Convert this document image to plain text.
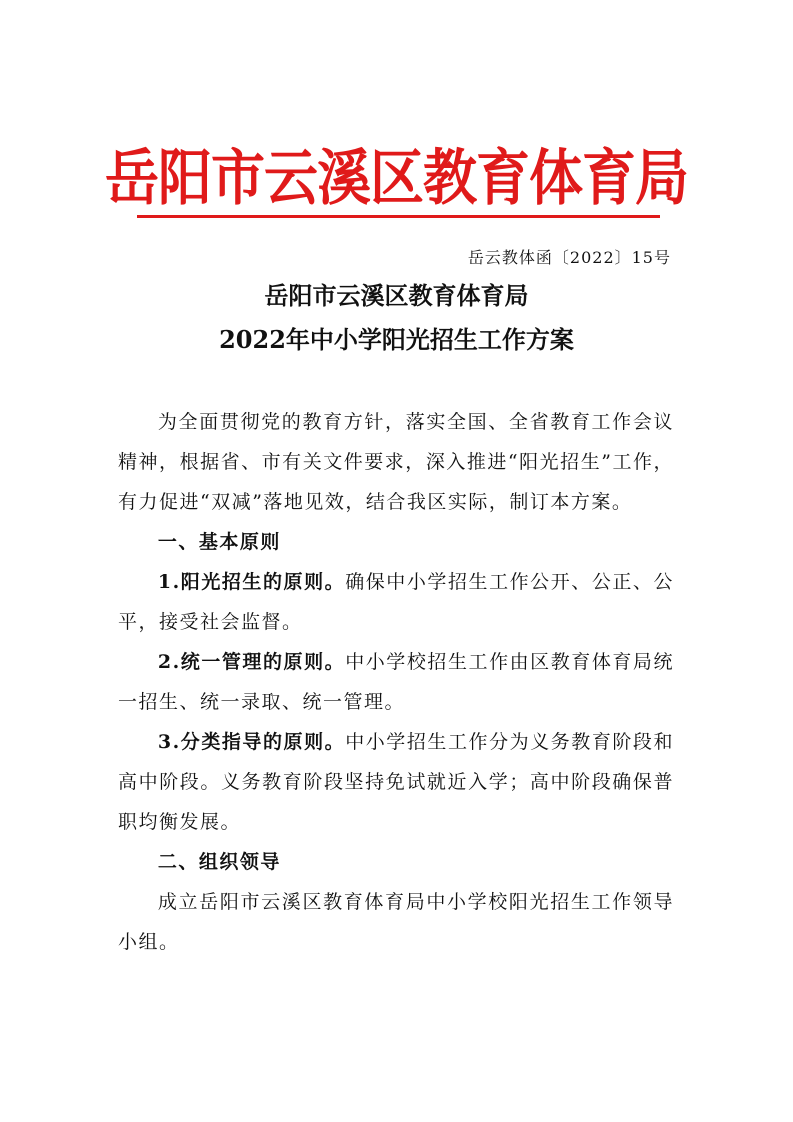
岳阳市云溪区教育体育局
岳云教体函〔2022〕15号
岳阳市云溪区教育体育局
2022年中小学阳光招生工作方案

为全面贯彻党的教育方针，落实全国、全省教育工作会议精神，根据省、市有关文件要求，深入推进“阳光招生”工作，有力促进“双减”落地见效，结合我区实际，制订本方案。

一、基本原则

1.阳光招生的原则。确保中小学招生工作公开、公正、公平，接受社会监督。

2.统一管理的原则。中小学校招生工作由区教育体育局统一招生、统一录取、统一管理。

3.分类指导的原则。中小学招生工作分为义务教育阶段和高中阶段。义务教育阶段坚持免试就近入学；高中阶段确保普职均衡发展。

二、组织领导

成立岳阳市云溪区教育体育局中小学校阳光招生工作领导小组。
